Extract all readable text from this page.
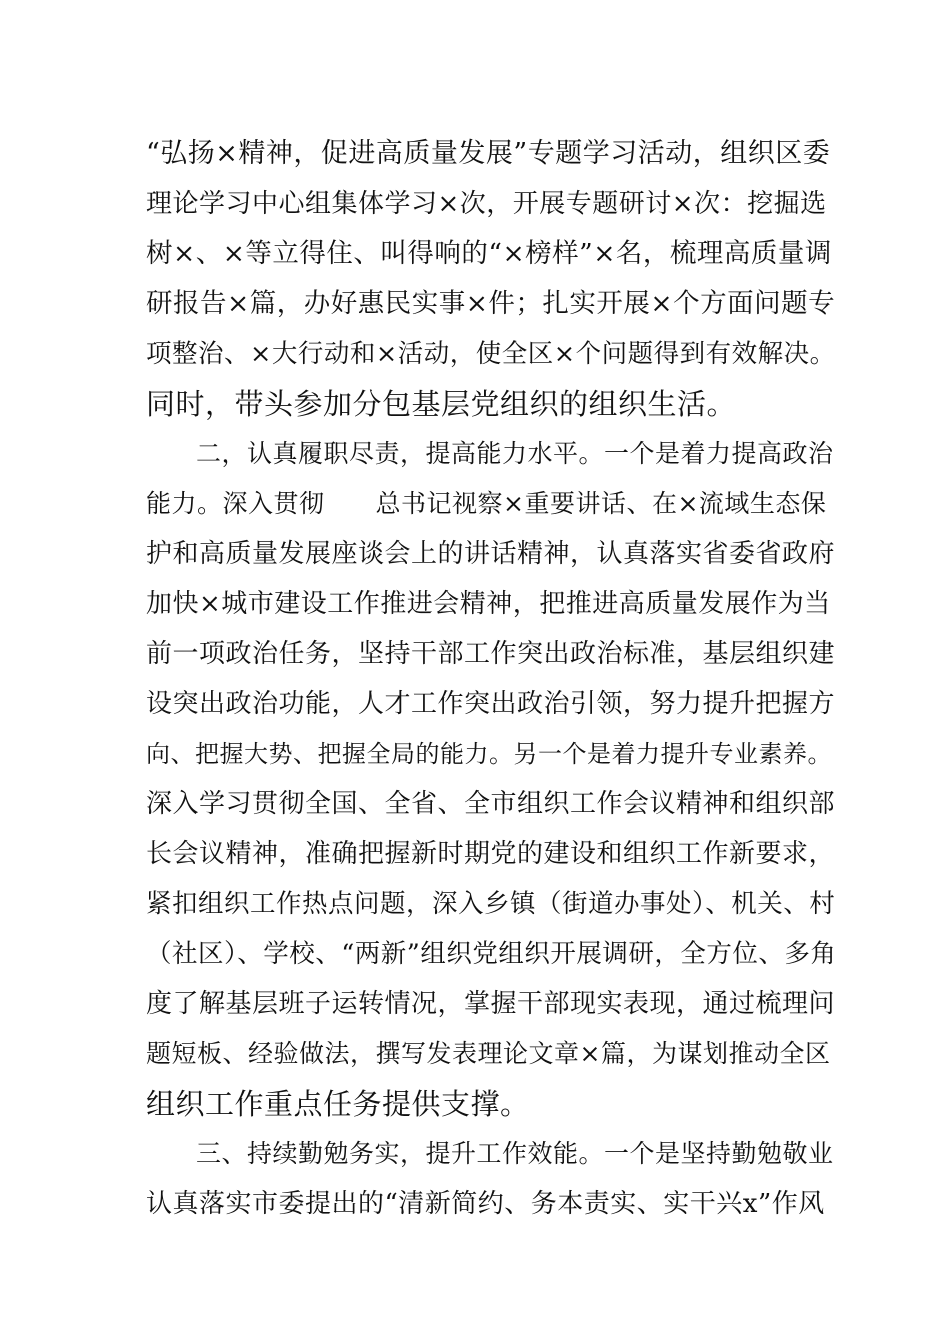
“弘扬×精神，促进高质量发展”专题学习活动，组织区委
理论学习中心组集体学习×次，开展专题研讨×次：挖掘选
树×、×等立得住、叫得响的“×榜样”×名，梳理高质量调
研报告×篇，办好惠民实事×件；扎实开展×个方面问题专
项整治、×大行动和×活动，使全区×个问题得到有效解决。
同时，带头参加分包基层党组织的组织生活。
二，认真履职尽责，提高能力水平。一个是着力提高政治
能力。深入贯彻　　总书记视察×重要讲话、在×流域生态保
护和高质量发展座谈会上的讲话精神，认真落实省委省政府
加快×城市建设工作推进会精神，把推进高质量发展作为当
前一项政治任务，坚持干部工作突出政治标准，基层组织建
设突出政治功能，人才工作突出政治引领，努力提升把握方
向、把握大势、把握全局的能力。另一个是着力提升专业素养。
深入学习贯彻全国、全省、全市组织工作会议精神和组织部
长会议精神，准确把握新时期党的建设和组织工作新要求，
紧扣组织工作热点问题，深入乡镇（街道办事处）、机关、村
（社区）、学校、“两新”组织党组织开展调研，全方位、多角
度了解基层班子运转情况，掌握干部现实表现，通过梳理问
题短板、经验做法，撰写发表理论文章×篇，为谋划推动全区
组织工作重点任务提供支撑。
三、持续勤勉务实，提升工作效能。一个是坚持勤勉敬业
认真落实市委提出的“清新简约、务本责实、实干兴x”作风
